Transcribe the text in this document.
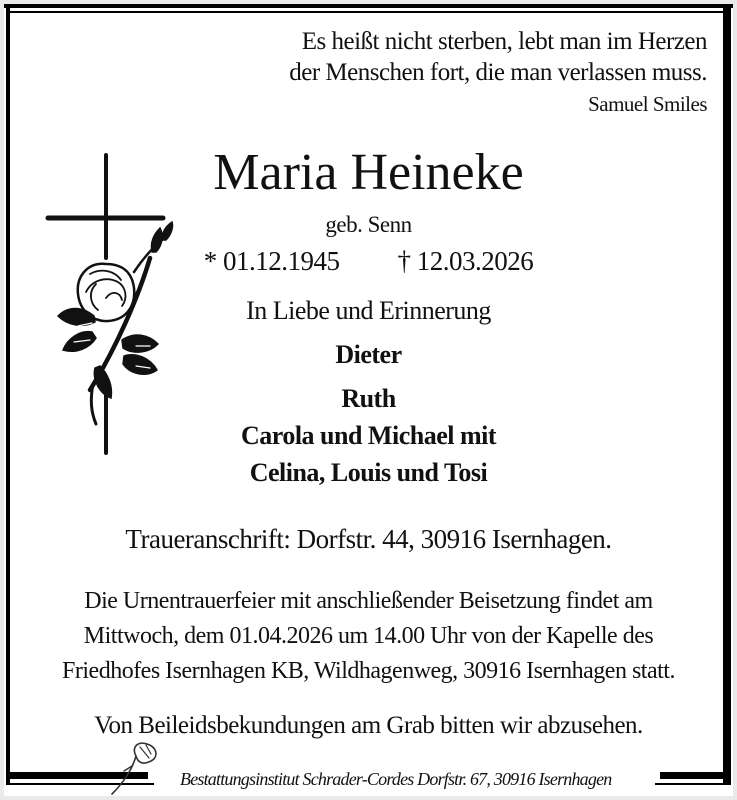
Es heißt nicht sterben, lebt man im Herzen
der Menschen fort, die man verlassen muss.
Samuel Smiles
Maria Heineke
geb. Senn
* 01.12.1945 † 12.03.2026
In Liebe und Erinnerung
Dieter
Ruth
Carola und Michael mit
Celina, Louis und Tosi
Traueranschrift: Dorfstr. 44, 30916 Isernhagen.
Die Urnentrauerfeier mit anschließender Beisetzung findet am
Mittwoch, dem 01.04.2026 um 14.00 Uhr von der Kapelle des
Friedhofes Isernhagen KB, Wildhagenweg, 30916 Isernhagen statt.
Von Beileidsbekundungen am Grab bitten wir abzusehen.
Bestattungsinstitut Schrader-Cordes Dorfstr. 67, 30916 Isernhagen
